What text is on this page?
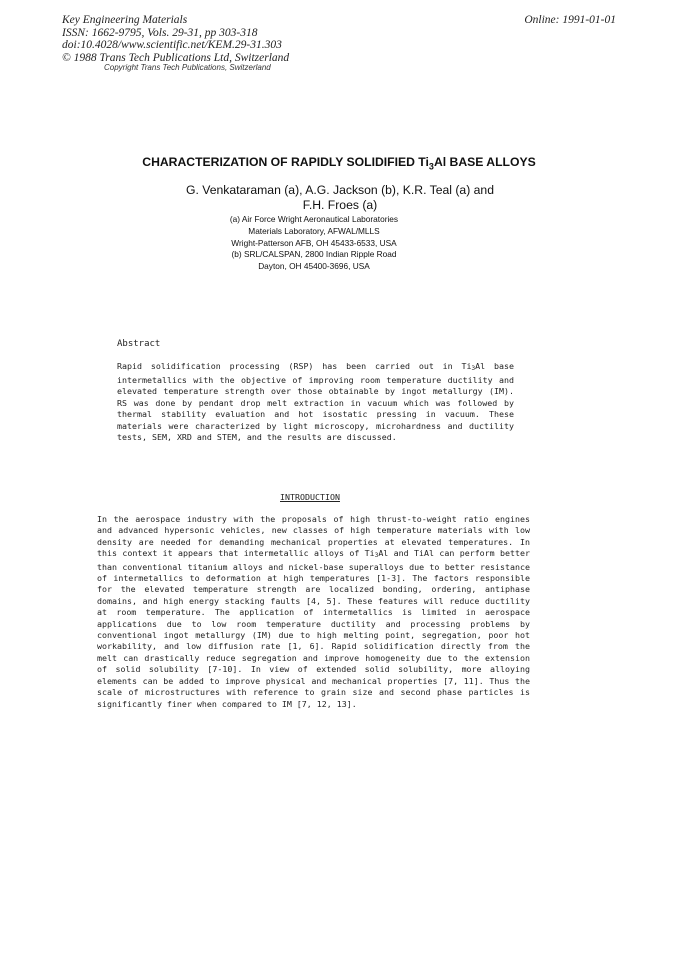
Key Engineering Materials
ISSN: 1662-9795, Vols. 29-31, pp 303-318
doi:10.4028/www.scientific.net/KEM.29-31.303
© 1988 Trans Tech Publications Ltd, Switzerland
Online: 1991-01-01
Copyright Trans Tech Publications, Switzerland
CHARACTERIZATION OF RAPIDLY SOLIDIFIED $Ti_3Al$ BASE ALLOYS
G. Venkataraman (a), A.G. Jackson (b), K.R. Teal (a) and
F.H. Froes (a)
(a) Air Force Wright Aeronautical Laboratories
Materials Laboratory, AFWAL/MLLS
Wright-Patterson AFB, OH 45433-6533, USA
(b) SRL/CALSPAN, 2800 Indian Ripple Road
Dayton, OH 45400-3696, USA
Abstract
Rapid solidification processing (RSP) has been carried out in Ti3Al base intermetallics with the objective of improving room temperature ductility and elevated temperature strength over those obtainable by ingot metallurgy (IM). RS was done by pendant drop melt extraction in vacuum which was followed by thermal stability evaluation and hot isostatic pressing in vacuum. These materials were characterized by light microscopy, microhardness and ductility tests, SEM, XRD and STEM, and the results are discussed.
INTRODUCTION
In the aerospace industry with the proposals of high thrust-to-weight ratio engines and advanced hypersonic vehicles, new classes of high temperature materials with low density are needed for demanding mechanical properties at elevated temperatures. In this context it appears that intermetallic alloys of Ti3Al and TiAl can perform better than conventional titanium alloys and nickel-base superalloys due to better resistance of intermetallics to deformation at high temperatures [1-3]. The factors responsible for the elevated temperature strength are localized bonding, ordering, antiphase domains, and high energy stacking faults [4, 5]. These features will reduce ductility at room temperature. The application of intermetallics is limited in aerospace applications due to low room temperature ductility and processing problems by conventional ingot metallurgy (IM) due to high melting point, segregation, poor hot workability, and low diffusion rate [1, 6]. Rapid solidification directly from the melt can drastically reduce segregation and improve homogeneity due to the extension of solid solubility [7-10]. In view of extended solid solubility, more alloying elements can be added to improve physical and mechanical properties [7, 11]. Thus the scale of microstructures with reference to grain size and second phase particles is significantly finer when compared to IM [7, 12, 13].
